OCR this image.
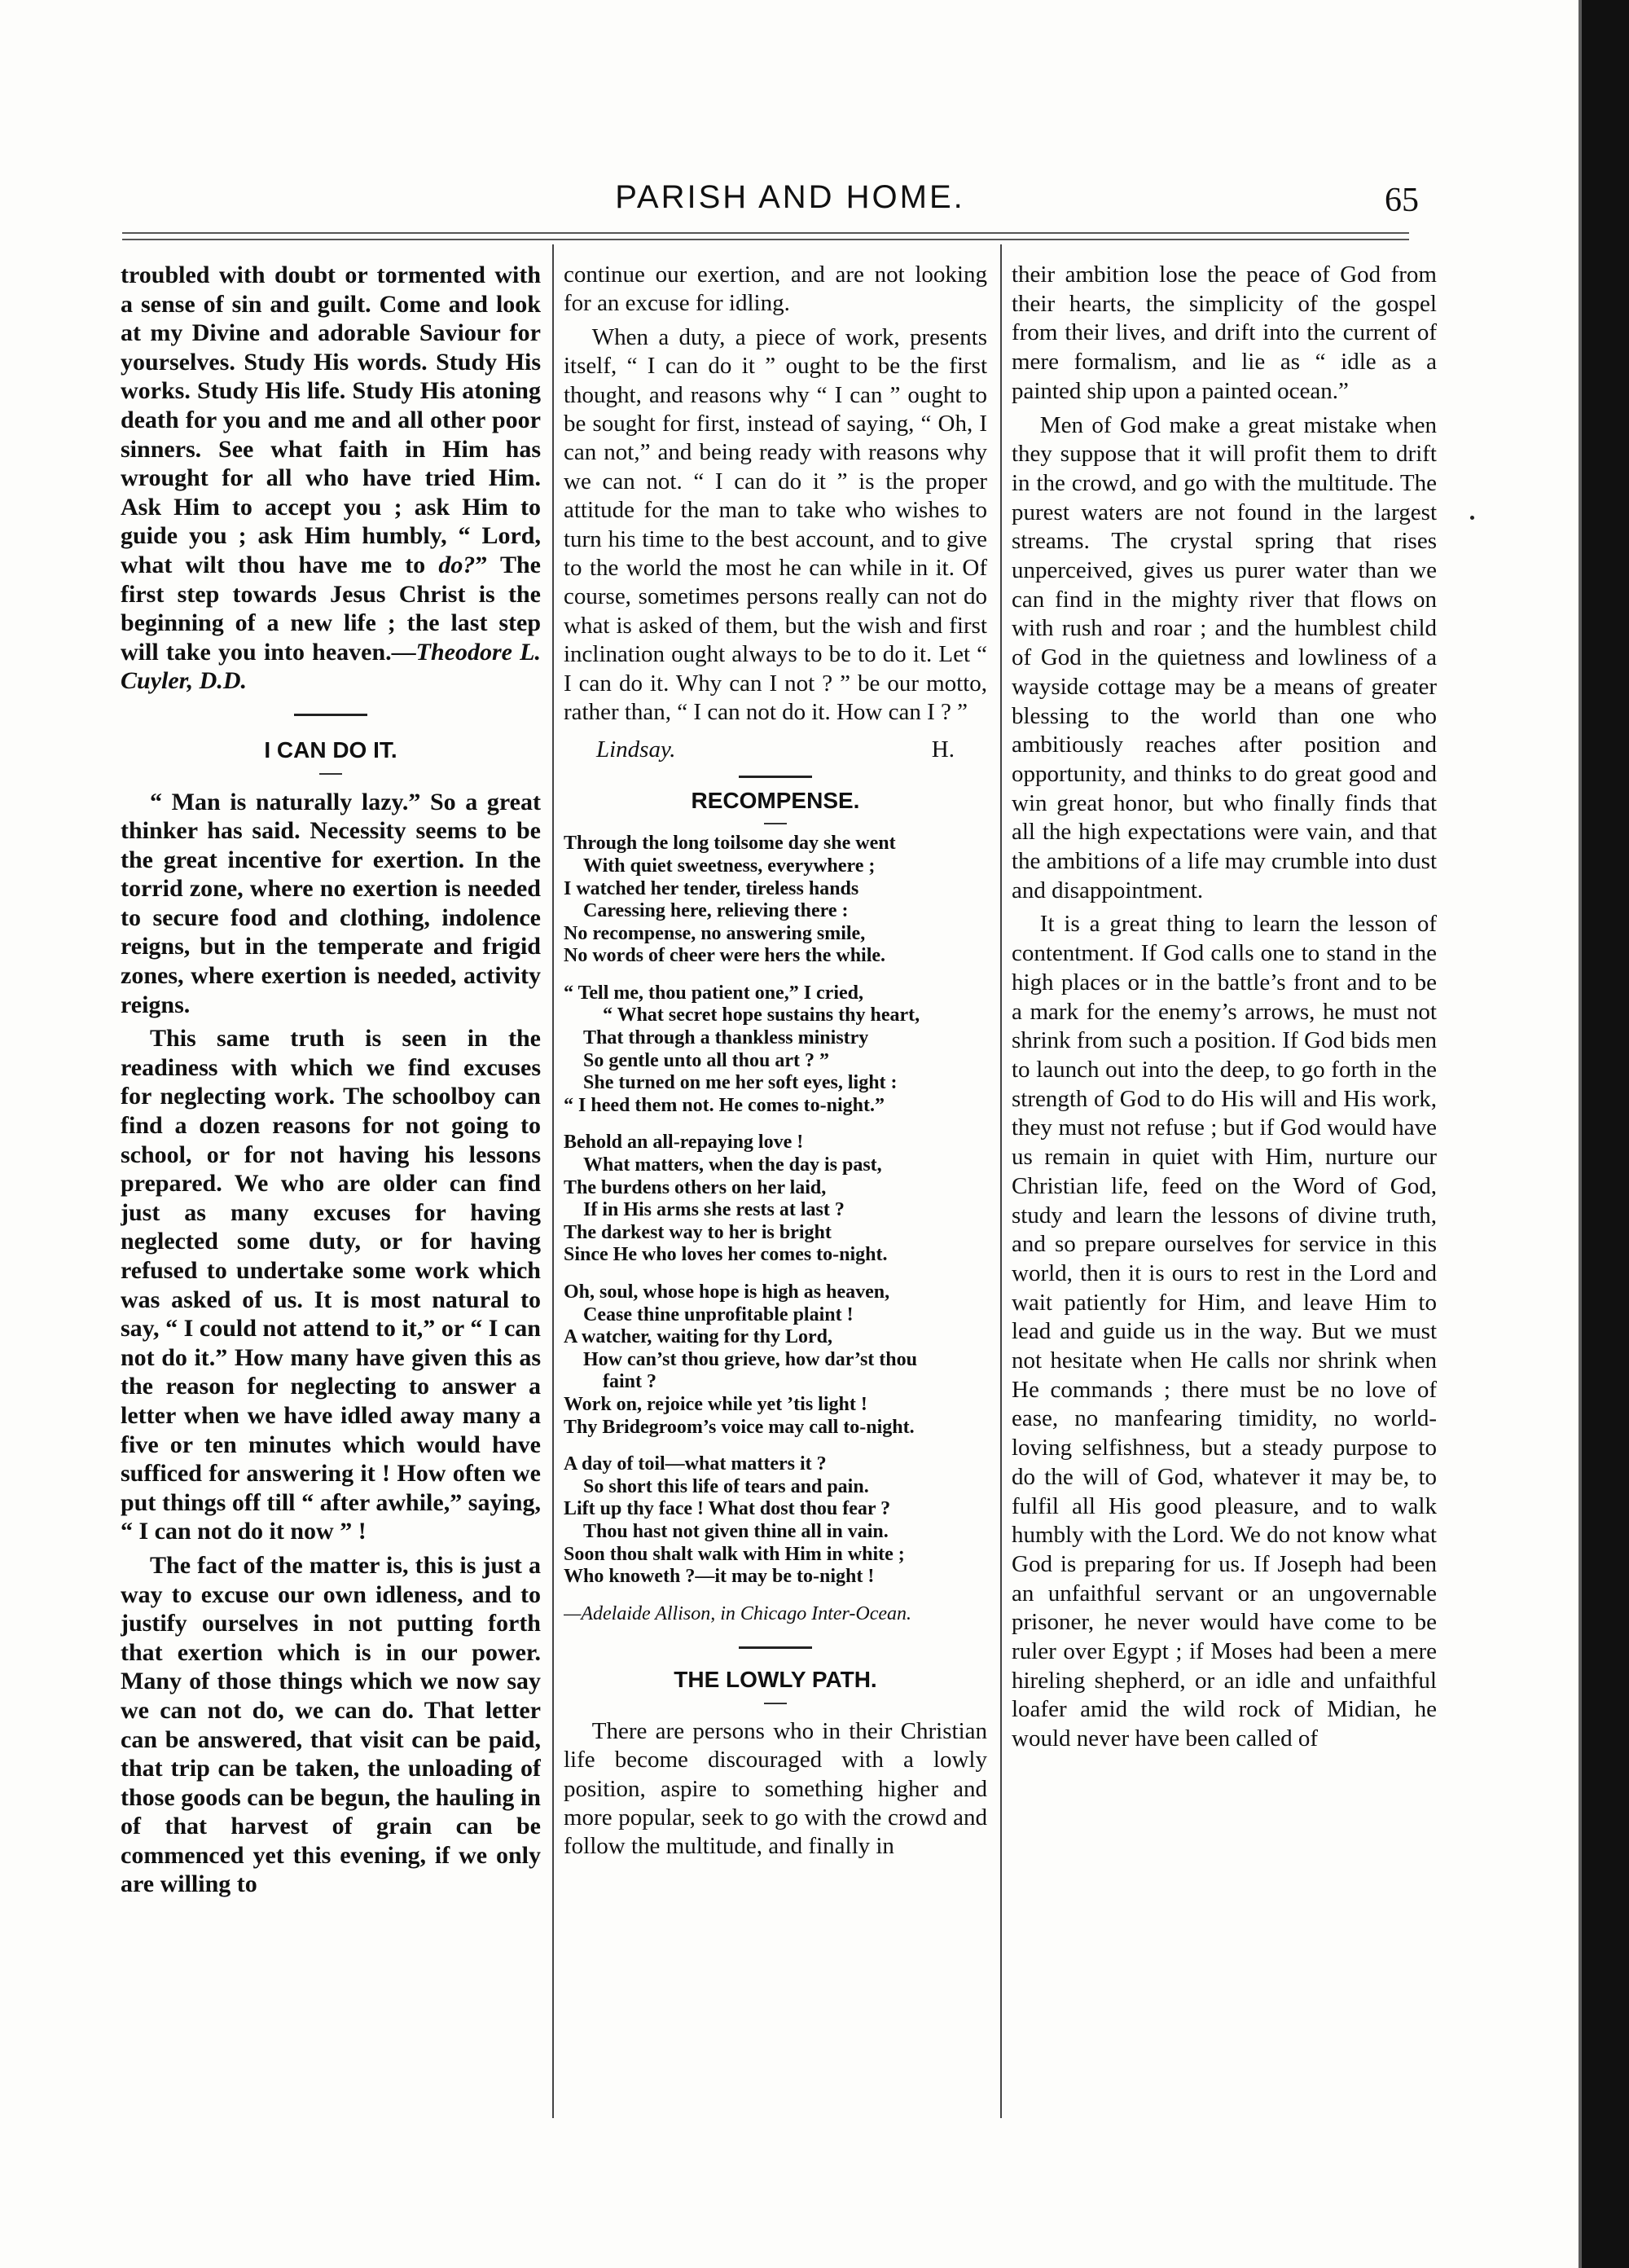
PARISH AND HOME.	65

troubled with doubt or tormented with a sense of sin and guilt. Come and look at my Divine and adorable Saviour for yourselves. Study His words. Study His works. Study His life. Study His atoning death for you and me and all other poor sinners. See what faith in Him has wrought for all who have tried Him. Ask Him to accept you ; ask Him to guide you ; ask Him humbly, “ Lord, what wilt thou have me to do?” The first step towards Jesus Christ is the beginning of a new life ; the last step will take you into heaven.—Theodore L. Cuyler, D.D.

I CAN DO IT.

“ Man is naturally lazy.” So a great thinker has said. Necessity seems to be the great incentive for exertion. In the torrid zone, where no exertion is needed to secure food and clothing, indolence reigns, but in the temperate and frigid zones, where exertion is needed, activity reigns.

This same truth is seen in the readiness with which we find excuses for neglecting work. The schoolboy can find a dozen reasons for not going to school, or for not having his lessons prepared. We who are older can find just as many excuses for having neglected some duty, or for having refused to undertake some work which was asked of us. It is most natural to say, “ I could not attend to it,” or “ I can not do it.” How many have given this as the reason for neglecting to answer a letter when we have idled away many a five or ten minutes which would have sufficed for answering it ! How often we put things off till “ after awhile,” saying, “ I can not do it now ” !

The fact of the matter is, this is just a way to excuse our own idleness, and to justify ourselves in not putting forth that exertion which is in our power. Many of those things which we now say we can not do, we can do. That letter can be answered, that visit can be paid, that trip can be taken, the unloading of those goods can be begun, the hauling in of that harvest of grain can be commenced yet this evening, if we only are willing to

continue our exertion, and are not looking for an excuse for idling.

When a duty, a piece of work, presents itself, “ I can do it ” ought to be the first thought, and reasons why “ I can ” ought to be sought for first, instead of saying, “ Oh, I can not,” and being ready with reasons why we can not. “ I can do it ” is the proper attitude for the man to take who wishes to turn his time to the best account, and to give to the world the most he can while in it. Of course, sometimes persons really can not do what is asked of them, but the wish and first inclination ought always to be to do it. Let “ I can do it. Why can I not ? ” be our motto, rather than, “ I can not do it. How can I ? ”

Lindsay.	H.
RECOMPENSE.
Through the long toilsome day she went
With quiet sweetness, everywhere ;
I watched her tender, tireless hands
Caressing here, relieving there :
No recompense, no answering smile,
No words of cheer were hers the while.
“ Tell me, thou patient one,” I cried,
“ What secret hope sustains thy heart,
That through a thankless ministry
So gentle unto all thou art ? ”
She turned on me her soft eyes, light :
“ I heed them not. He comes to-night.”
Behold an all-repaying love !
What matters, when the day is past,
The burdens others on her laid,
If in His arms she rests at last ?
The darkest way to her is bright
Since He who loves her comes to-night.
Oh, soul, whose hope is high as heaven,
Cease thine unprofitable plaint !
A watcher, waiting for thy Lord,
How can’st thou grieve, how dar’st thou
faint ?
Work on, rejoice while yet ’tis light !
Thy Bridegroom’s voice may call to-night.
A day of toil—what matters it ?
So short this life of tears and pain.
Lift up thy face ! What dost thou fear ?
Thou hast not given thine all in vain.
Soon thou shalt walk with Him in white ;
Who knoweth ?—it may be to-night !
—Adelaide Allison, in Chicago Inter-Ocean.
THE LOWLY PATH.

There are persons who in their Christian life become discouraged with a lowly position, aspire to something higher and more popular, seek to go with the crowd and follow the multitude, and finally in

their ambition lose the peace of God from their hearts, the simplicity of the gospel from their lives, and drift into the current of mere formalism, and lie as “ idle as a painted ship upon a painted ocean.”

Men of God make a great mistake when they suppose that it will profit them to drift in the crowd, and go with the multitude. The purest waters are not found in the largest streams. The crystal spring that rises unperceived, gives us purer water than we can find in the mighty river that flows on with rush and roar ; and the humblest child of God in the quietness and lowliness of a wayside cottage may be a means of greater blessing to the world than one who ambitiously reaches after position and opportunity, and thinks to do great good and win great honor, but who finally finds that all the high expectations were vain, and that the ambitions of a life may crumble into dust and disappointment.

It is a great thing to learn the lesson of contentment. If God calls one to stand in the high places or in the battle’s front and to be a mark for the enemy’s arrows, he must not shrink from such a position. If God bids men to launch out into the deep, to go forth in the strength of God to do His will and His work, they must not refuse ; but if God would have us remain in quiet with Him, nurture our Christian life, feed on the Word of God, study and learn the lessons of divine truth, and so prepare ourselves for service in this world, then it is ours to rest in the Lord and wait patiently for Him, and leave Him to lead and guide us in the way. But we must not hesitate when He calls nor shrink when He commands ; there must be no love of ease, no manfearing timidity, no world-loving selfishness, but a steady purpose to do the will of God, whatever it may be, to fulfil all His good pleasure, and to walk humbly with the Lord. We do not know what God is preparing for us. If Joseph had been an unfaithful servant or an ungovernable prisoner, he never would have come to be ruler over Egypt ; if Moses had been a mere hireling shepherd, or an idle and unfaithful loafer amid the wild rock of Midian, he would never have been called of
